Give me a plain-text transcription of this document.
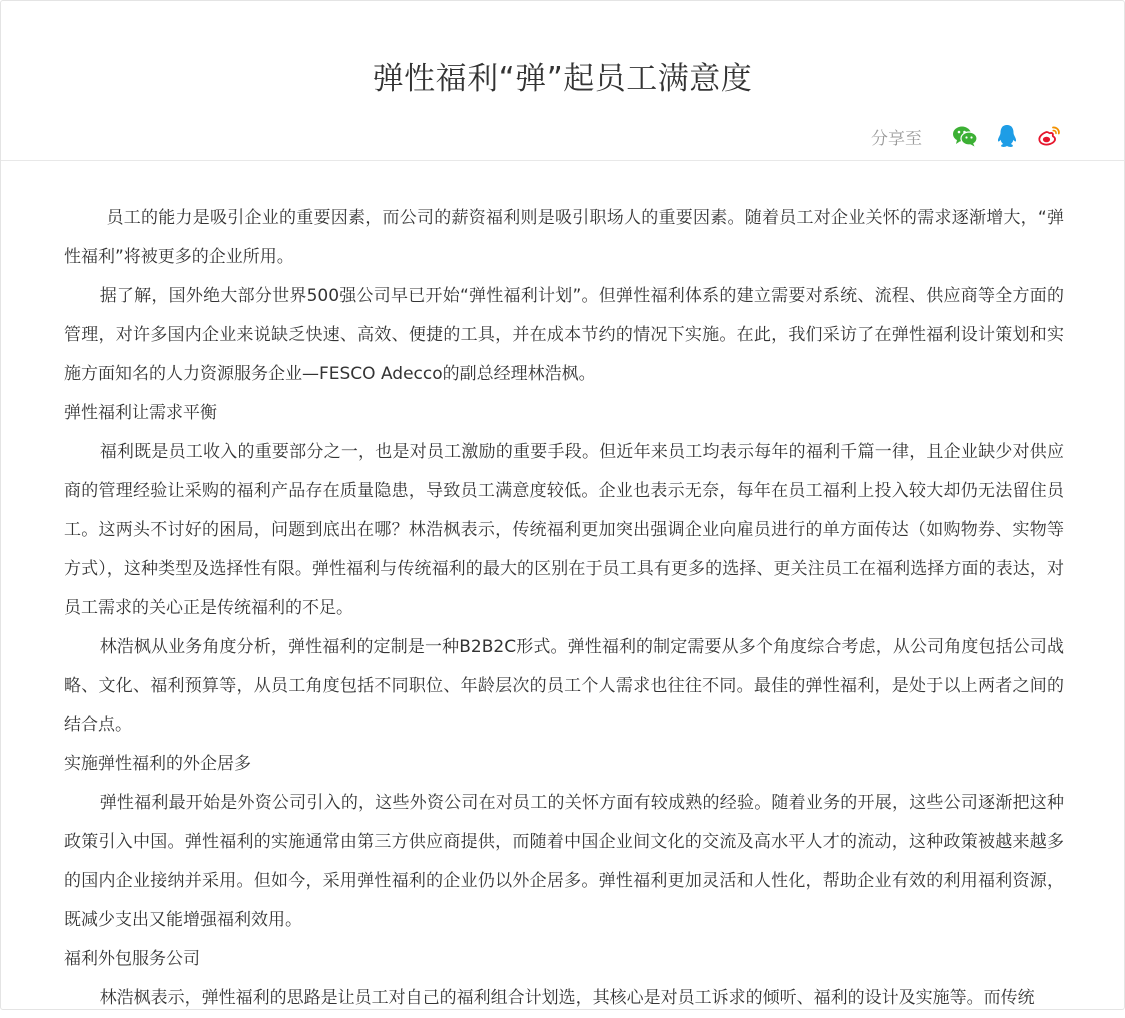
弹性福利“弹”起员工满意度
分享至

员工的能力是吸引企业的重要因素，而公司的薪资福利则是吸引职场人的重要因素。随着员工对企业关怀的需求逐渐增大，“弹性福利”将被更多的企业所用。

据了解，国外绝大部分世界500强公司早已开始“弹性福利计划”。但弹性福利体系的建立需要对系统、流程、供应商等全方面的管理，对许多国内企业来说缺乏快速、高效、便捷的工具，并在成本节约的情况下实施。在此，我们采访了在弹性福利设计策划和实施方面知名的人力资源服务企业—FESCO Adecco的副总经理林浩枫。

弹性福利让需求平衡

福利既是员工收入的重要部分之一，也是对员工激励的重要手段。但近年来员工均表示每年的福利千篇一律，且企业缺少对供应商的管理经验让采购的福利产品存在质量隐患，导致员工满意度较低。企业也表示无奈，每年在员工福利上投入较大却仍无法留住员工。这两头不讨好的困局，问题到底出在哪？林浩枫表示，传统福利更加突出强调企业向雇员进行的单方面传达（如购物券、实物等方式），这种类型及选择性有限。弹性福利与传统福利的最大的区别在于员工具有更多的选择、更关注员工在福利选择方面的表达，对员工需求的关心正是传统福利的不足。

林浩枫从业务角度分析，弹性福利的定制是一种B2B2C形式。弹性福利的制定需要从多个角度综合考虑，从公司角度包括公司战略、文化、福利预算等，从员工角度包括不同职位、年龄层次的员工个人需求也往往不同。最佳的弹性福利，是处于以上两者之间的结合点。

实施弹性福利的外企居多

弹性福利最开始是外资公司引入的，这些外资公司在对员工的关怀方面有较成熟的经验。随着业务的开展，这些公司逐渐把这种政策引入中国。弹性福利的实施通常由第三方供应商提供，而随着中国企业间文化的交流及高水平人才的流动，这种政策被越来越多的国内企业接纳并采用。但如今，采用弹性福利的企业仍以外企居多。弹性福利更加灵活和人性化，帮助企业有效的利用福利资源，既减少支出又能增强福利效用。

福利外包服务公司

林浩枫表示，弹性福利的思路是让员工对自己的福利组合计划选，其核心是对员工诉求的倾听、福利的设计及实施等。而传统
